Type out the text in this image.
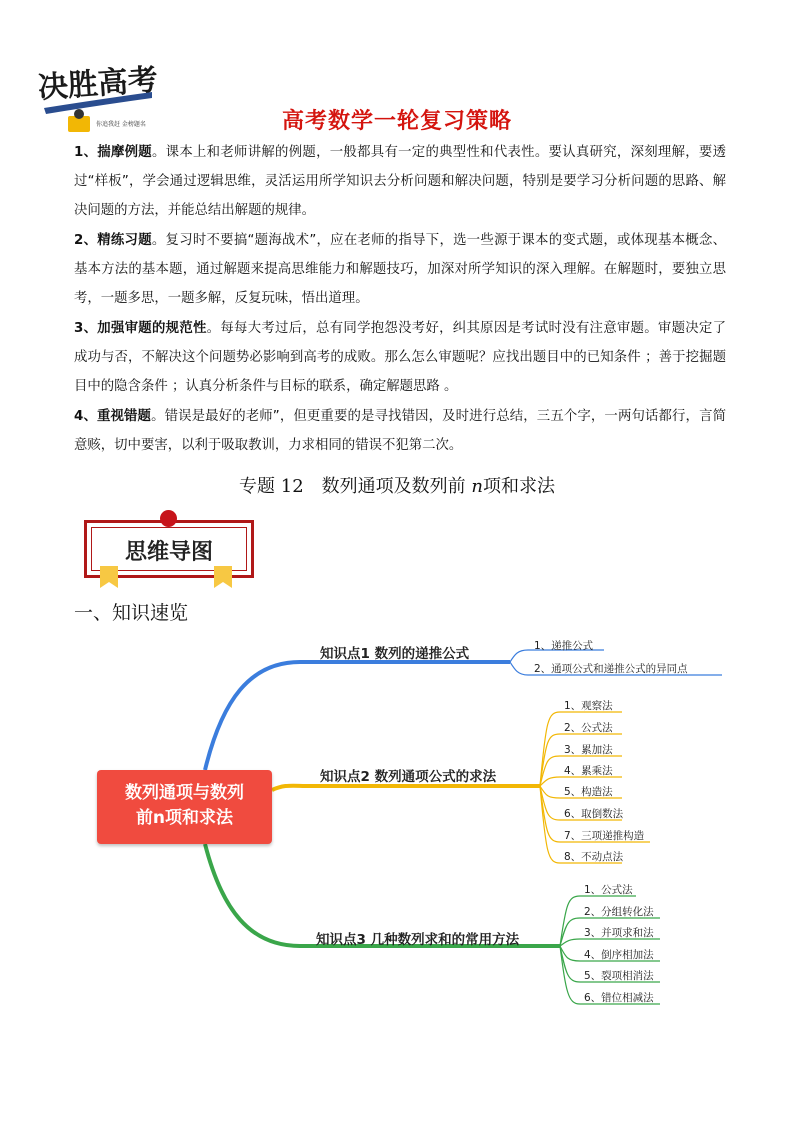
决胜高考
你追我赶 金榜题名	高考数学一轮复习策略
1、揣摩例题。课本上和老师讲解的例题，一般都具有一定的典型性和代表性。要认真研究，深刻理解，要透过“样板”，学会通过逻辑思维，灵活运用所学知识去分析问题和解决问题，特别是要学习分析问题的思路、解决问题的方法，并能总结出解题的规律。
2、精练习题。复习时不要搞“题海战术”，应在老师的指导下，选一些源于课本的变式题，或体现基本概念、基本方法的基本题，通过解题来提高思维能力和解题技巧，加深对所学知识的深入理解。在解题时，要独立思考，一题多思，一题多解，反复玩味，悟出道理。
3、加强审题的规范性。每每大考过后，总有同学抱怨没考好，纠其原因是考试时没有注意审题。审题决定了成功与否，不解决这个问题势必影响到高考的成败。那么怎么审题呢？应找出题目中的已知条件 ；善于挖掘题目中的隐含条件 ；认真分析条件与目标的联系，确定解题思路 。
4、重视错题。错误是最好的老师”，但更重要的是寻找错因，及时进行总结，三五个字，一两句话都行，言简意赅，切中要害，以利于吸取教训，力求相同的错误不犯第二次。
专题 12　数列通项及数列前 n项和求法
思维导图
一、知识速览
数列通项与数列
前n项和求法
知识点1 数列的递推公式
知识点2 数列通项公式的求法
知识点3 几种数列求和的常用方法
1、递推公式
2、通项公式和递推公式的异同点
1、观察法
2、公式法
3、累加法
4、累乘法
5、构造法
6、取倒数法
7、三项递推构造
8、不动点法
1、公式法
2、分组转化法
3、并项求和法
4、倒序相加法
5、裂项相消法
6、错位相减法
